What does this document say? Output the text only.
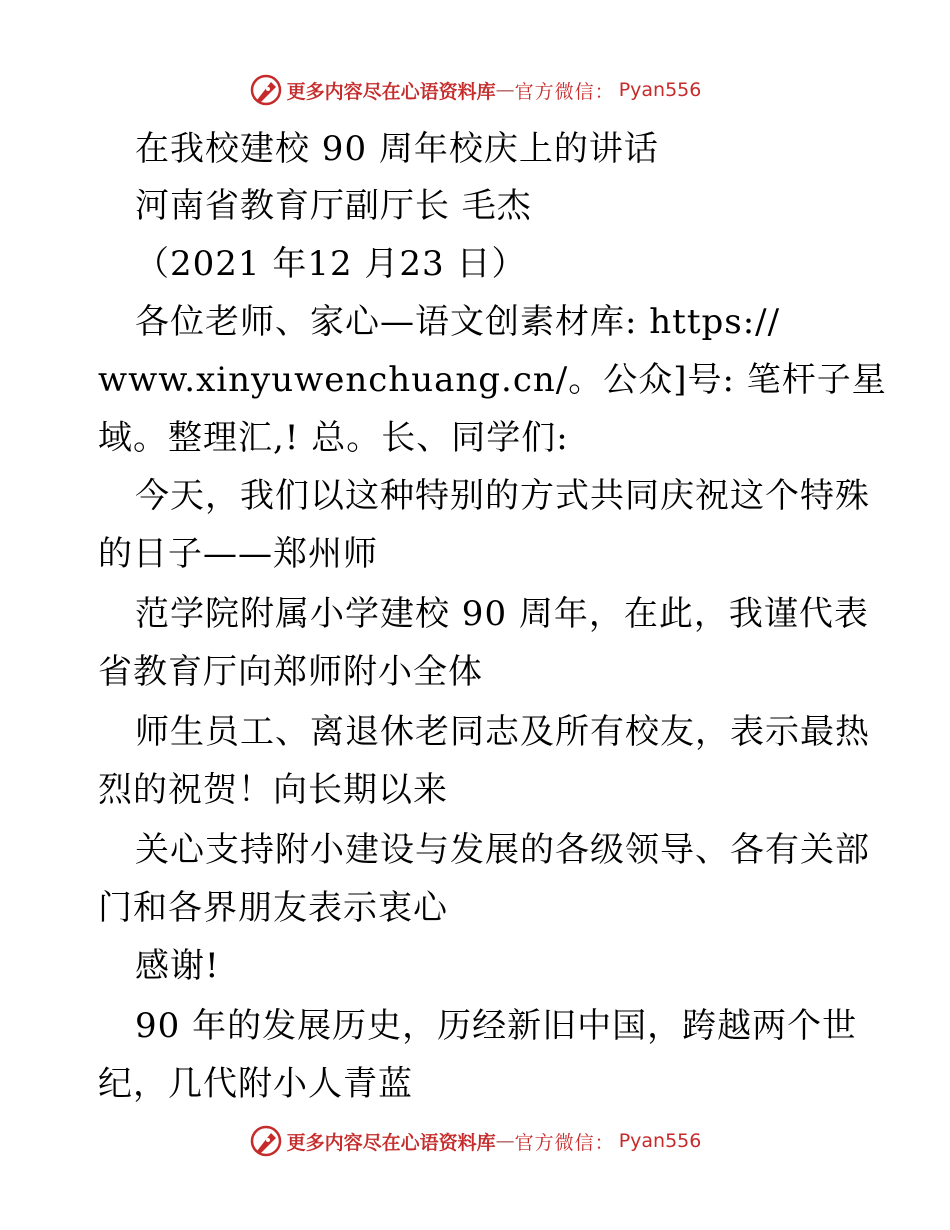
更多内容尽在心语资料库 — 官方微信： Pyan556
在我校建校 90 周年校庆上的讲话
河南省教育厅副厅长 毛杰
（2021 年12 月23 日）
各位老师、家心—语文创素材库: https://
www.xinyuwenchuang.cn/。公众]号: 笔杆子星
域。整理汇,! 总。长、同学们:
今天，我们以这种特别的方式共同庆祝这个特殊
的日子——郑州师
范学院附属小学建校 90 周年，在此，我谨代表
省教育厅向郑师附小全体
师生员工、离退休老同志及所有校友，表示最热
烈的祝贺！向长期以来
关心支持附小建设与发展的各级领导、各有关部
门和各界朋友表示衷心
感谢!
90 年的发展历史，历经新旧中国，跨越两个世
纪，几代附小人青蓝
更多内容尽在心语资料库 — 官方微信： Pyan556
